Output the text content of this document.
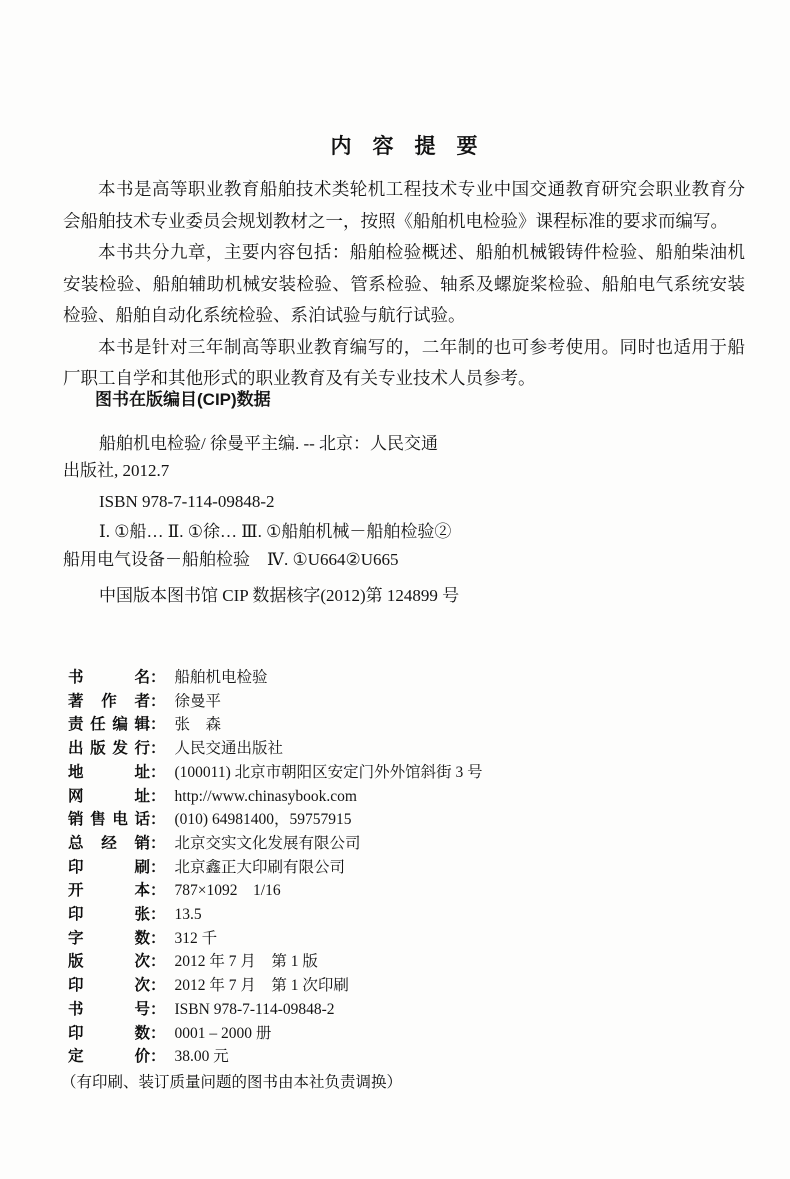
内　容　提　要

本书是高等职业教育船舶技术类轮机工程技术专业中国交通教育研究会职业教育分会船舶技术专业委员会规划教材之一，按照《船舶机电检验》课程标准的要求而编写。

本书共分九章，主要内容包括：船舶检验概述、船舶机械锻铸件检验、船舶柴油机安装检验、船舶辅助机械安装检验、管系检验、轴系及螺旋桨检验、船舶电气系统安装检验、船舶自动化系统检验、系泊试验与航行试验。

本书是针对三年制高等职业教育编写的，二年制的也可参考使用。同时也适用于船厂职工自学和其他形式的职业教育及有关专业技术人员参考。

图书在版编目(CIP)数据
船舶机电检验/ 徐曼平主编. -- 北京：人民交通
出版社, 2012.7
ISBN 978-7-114-09848-2
Ⅰ. ①船… Ⅱ. ①徐… Ⅲ. ①船舶机械－船舶检验②
船用电气设备－船舶检验　Ⅳ. ①U664②U665
中国版本图书馆 CIP 数据核字(2012)第 124899 号
书	名 ： 船舶机电检验
著 作 者 ： 徐曼平
责 任 编 辑 ： 张　森
出 版 发 行 ： 人民交通出版社
地	址 ： (100011) 北京市朝阳区安定门外外馆斜街 3 号
网	址 ： http://www.chinasybook.com
销 售 电 话 ： (010) 64981400，59757915
总 经 销 ： 北京交实文化发展有限公司
印	刷 ： 北京鑫正大印刷有限公司
开	本 ： 787×1092　1/16
印	张 ： 13.5
字	数 ： 312 千
版	次 ： 2012 年 7 月　第 1 版
印	次 ： 2012 年 7 月　第 1 次印刷
书	号 ： ISBN 978-7-114-09848-2
印	数 ： 0001 – 2000 册
定	价 ： 38.00 元
（有印刷、装订质量问题的图书由本社负责调换）
